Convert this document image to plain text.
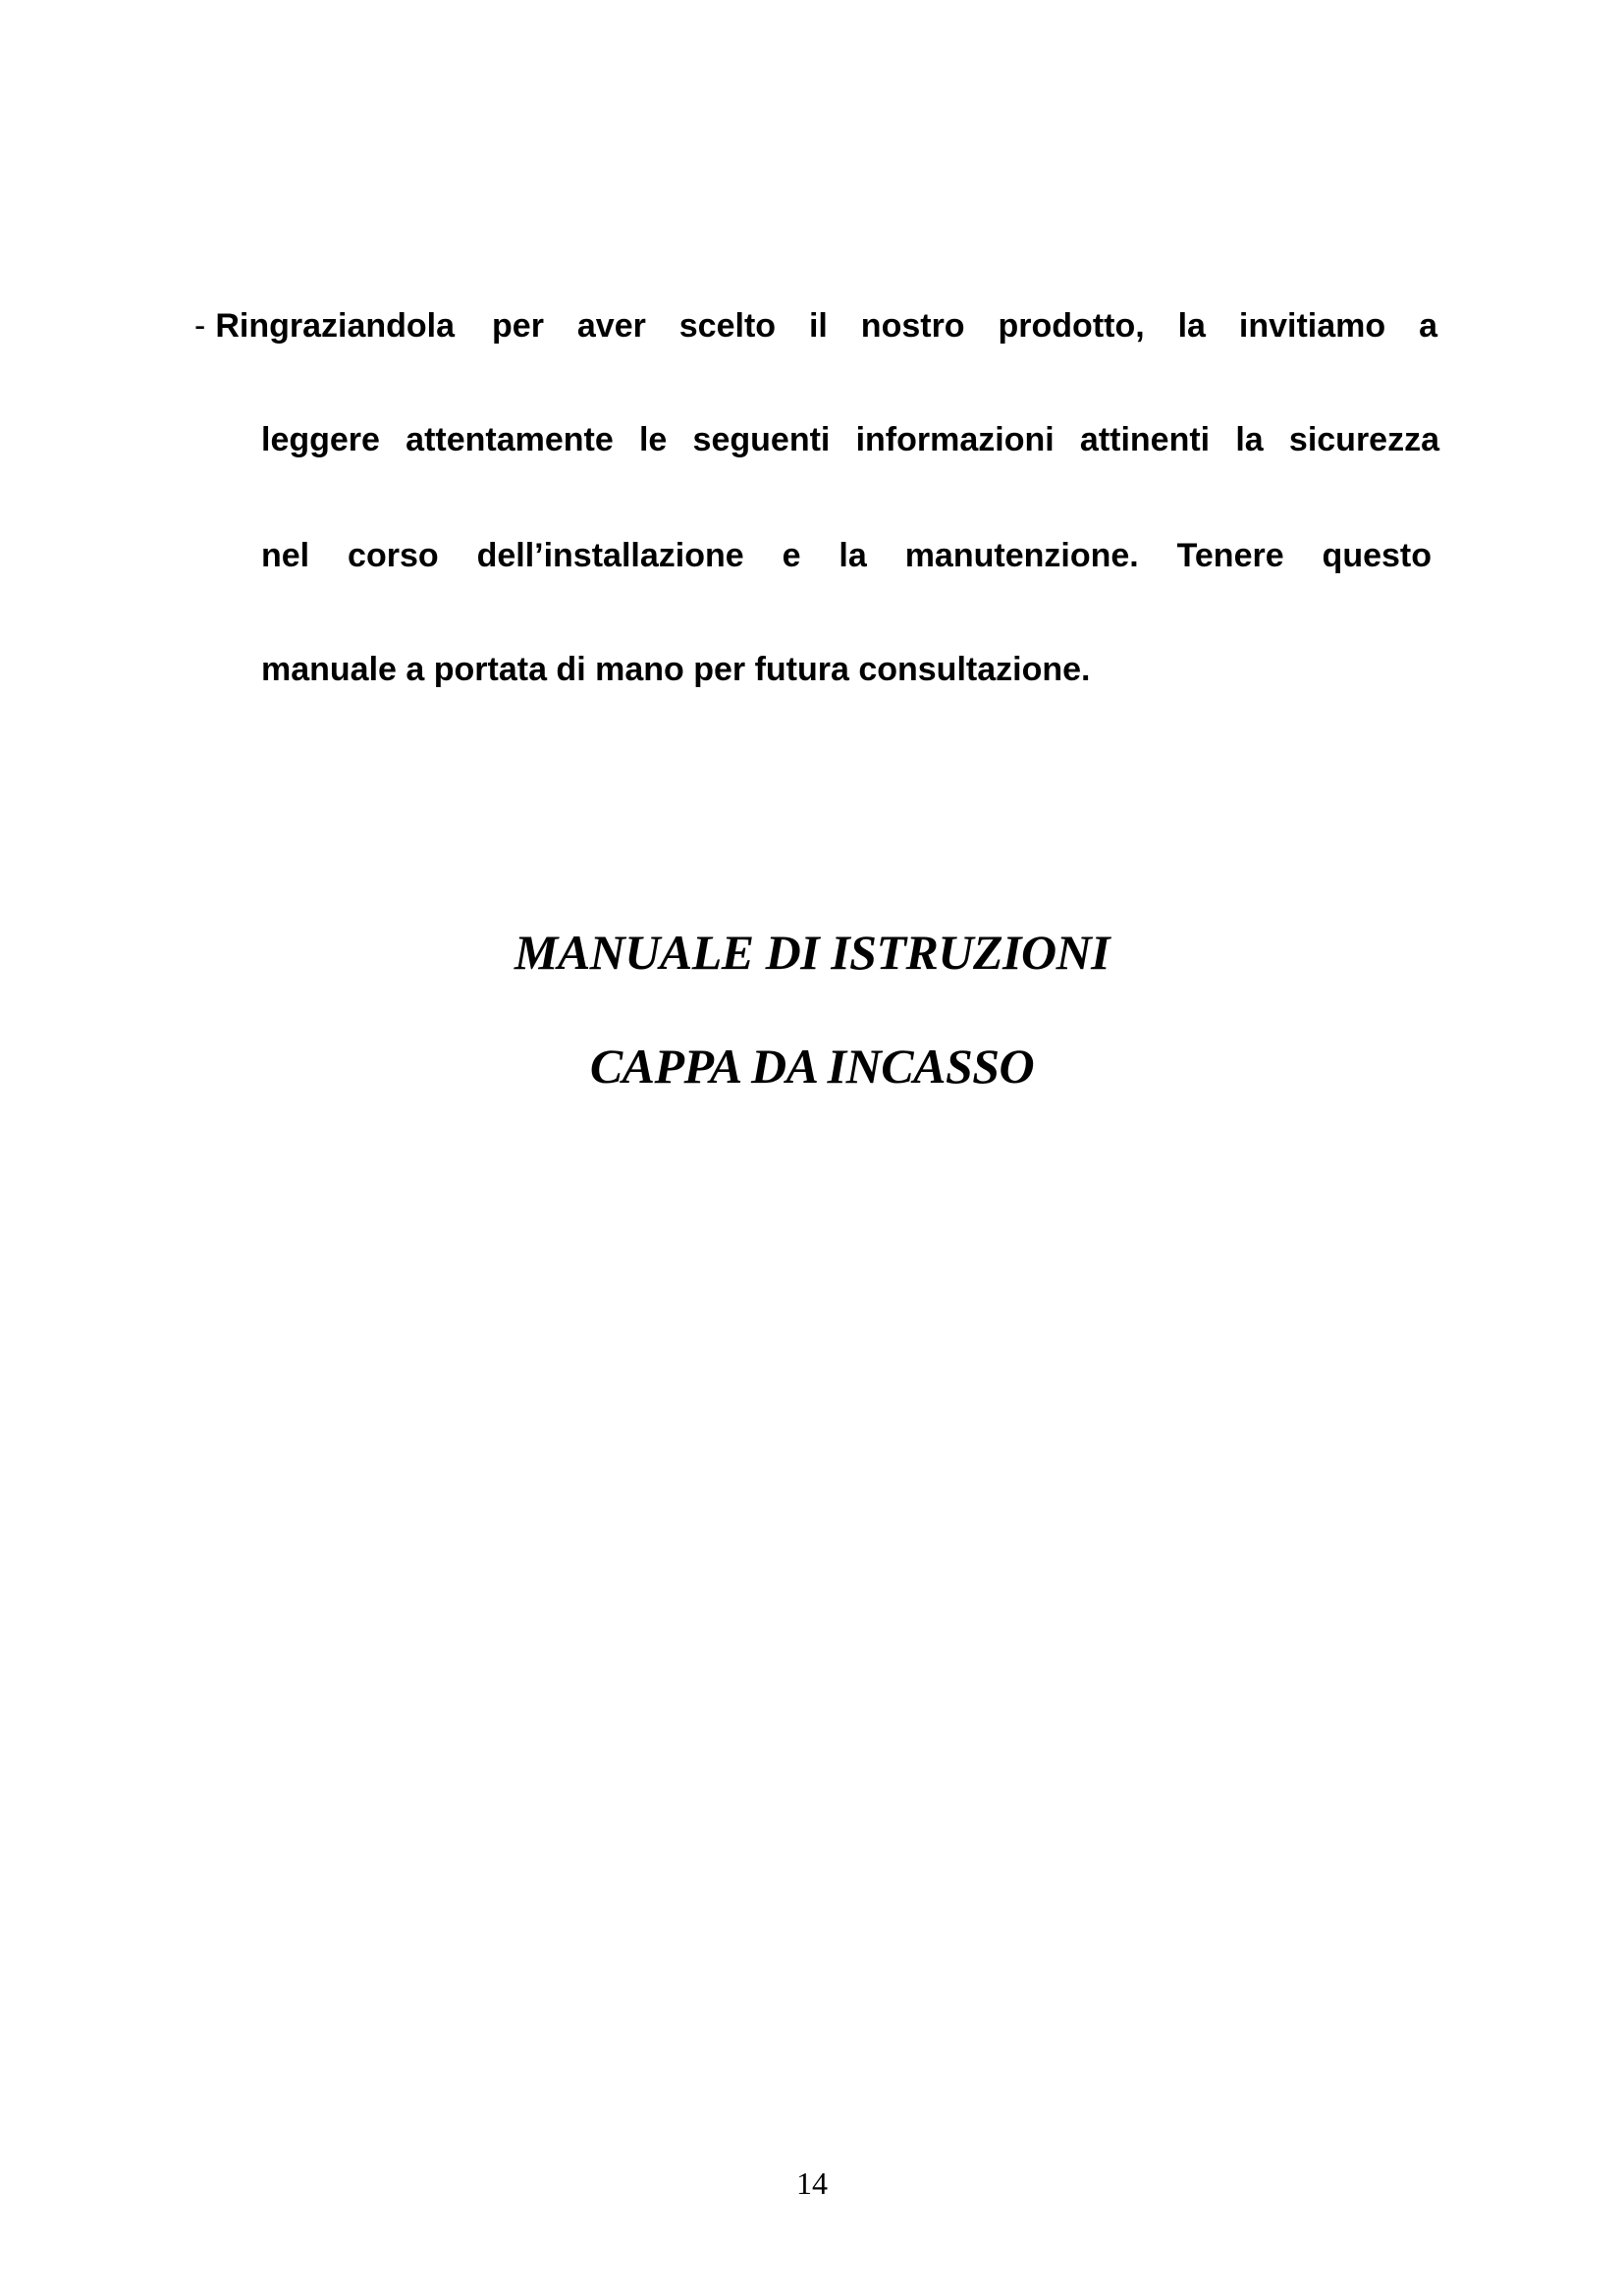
- Ringraziandola per aver scelto il nostro prodotto, la invitiamo a

leggere attentamente le seguenti informazioni attinenti la sicurezza

nel corso dell’installazione e la manutenzione. Tenere questo

manuale a portata di mano per futura consultazione.

MANUALE DI ISTRUZIONI
CAPPA DA INCASSO

14
